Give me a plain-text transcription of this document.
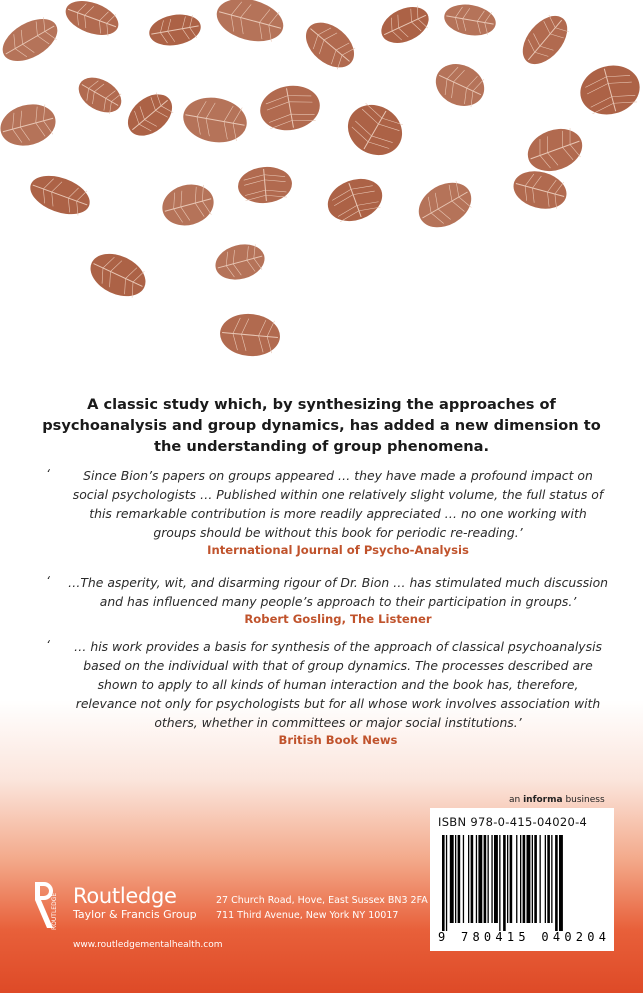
A classic study which, by synthesizing the approaches of psychoanalysis and group dynamics, has added a new dimension to the understanding of group phenomena.
‘	Since Bion’s papers on groups appeared … they have made a profound impact on social psychologists … Published within one relatively slight volume, the full status of this remarkable contribution is more readily appreciated … no one working with groups should be without this book for periodic re-reading.’

International Journal of Psycho-Analysis
‘ …The asperity, wit, and disarming rigour of Dr. Bion … has stimulated much discussion and has influenced many people’s approach to their participation in groups.’

Robert Gosling, The Listener
‘	… his work provides a basis for synthesis of the approach of classical psychoanalysis based on the individual with that of group dynamics. The processes described are shown to apply to all kinds of human interaction and the book has, therefore, relevance not only for psychologists but for all whose work involves association with others, whether in committees or major social institutions.’

British Book News
an informa business
ISBN 978-0-415-04020-4
9 780415 040204
ROUTLEDGE Routledge
Taylor & Francis Group
27 Church Road, Hove, East Sussex BN3 2FA
711 Third Avenue, New York NY 10017
www.routledgementalhealth.com
